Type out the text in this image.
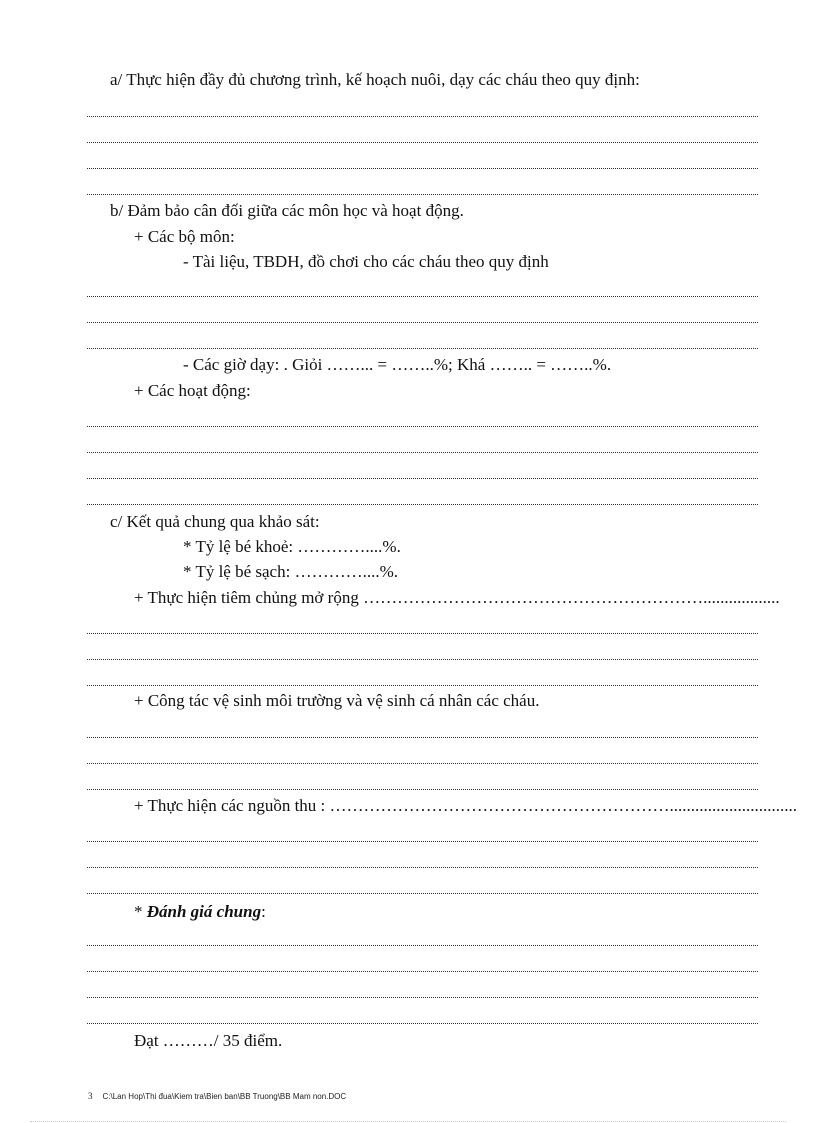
a/ Thực hiện đầy đủ chương trình, kế hoạch nuôi, dạy các cháu theo quy định:
b/ Đảm bảo cân đối giữa các môn học và hoạt động.
+ Các bộ môn:
- Tài liệu, TBDH, đồ chơi cho các cháu theo quy định
- Các giờ dạy: . Giỏi ……... = ……..%; Khá …….. = ……..%.
+ Các hoạt động:
c/ Kết quả chung qua khảo sát:
* Tỷ lệ bé khoẻ: …………....%.
* Tỷ lệ bé sạch: …………....%.
+ Thực hiện tiêm chủng mở rộng ……………………………………………………..................
+ Công tác vệ sinh môi trường và vệ sinh cá nhân các cháu.
+ Thực hiện các nguồn thu : ……………………………………………………..............................
* Đánh giá chung:
Đạt ………/ 35 điểm.
3 C:\Lan Hop\Thi đua\Kiem tra\Bien ban\BB Truong\BB Mam non.DOC
